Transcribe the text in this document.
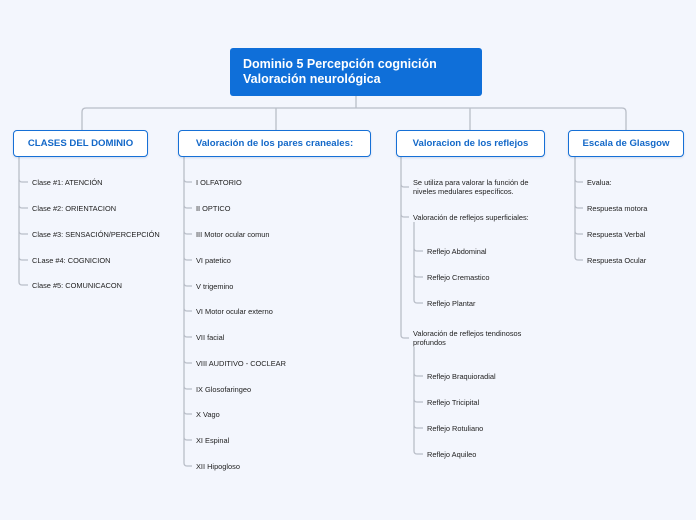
Dominio 5 Percepción cognición
Valoración neurológica
CLASES DEL DOMINIO	Valoración de los pares craneales:	Valoracion de los reflejos	Escala de Glasgow
Clase #1: ATENCIÓN
Clase #2: ORIENTACION
Clase #3: SENSACIÓN/PERCEPCIÓN
CLase #4: COGNICION
Clase #5: COMUNICACON
I OLFATORIO
II OPTICO
III Motor ocular comun
VI patetico
V trigemino
VI Motor ocular externo
VII facial
VIII AUDITIVO - COCLEAR
IX Glosofaringeo
X Vago
XI Espinal
XII Hipogloso
Se utiliza para valorar la función de niveles medulares específicos.
Valoración de reflejos superficiales:
Reflejo Abdominal
Reflejo Cremastico
Reflejo Plantar
Valoración de reflejos tendinosos profundos
Reflejo Braquioradial
Reflejo Tricipital
Reflejo Rotuliano
Reflejo Aquileo
Evalua:
Respuesta motora
Respuesta Verbal
Respuesta Ocular
